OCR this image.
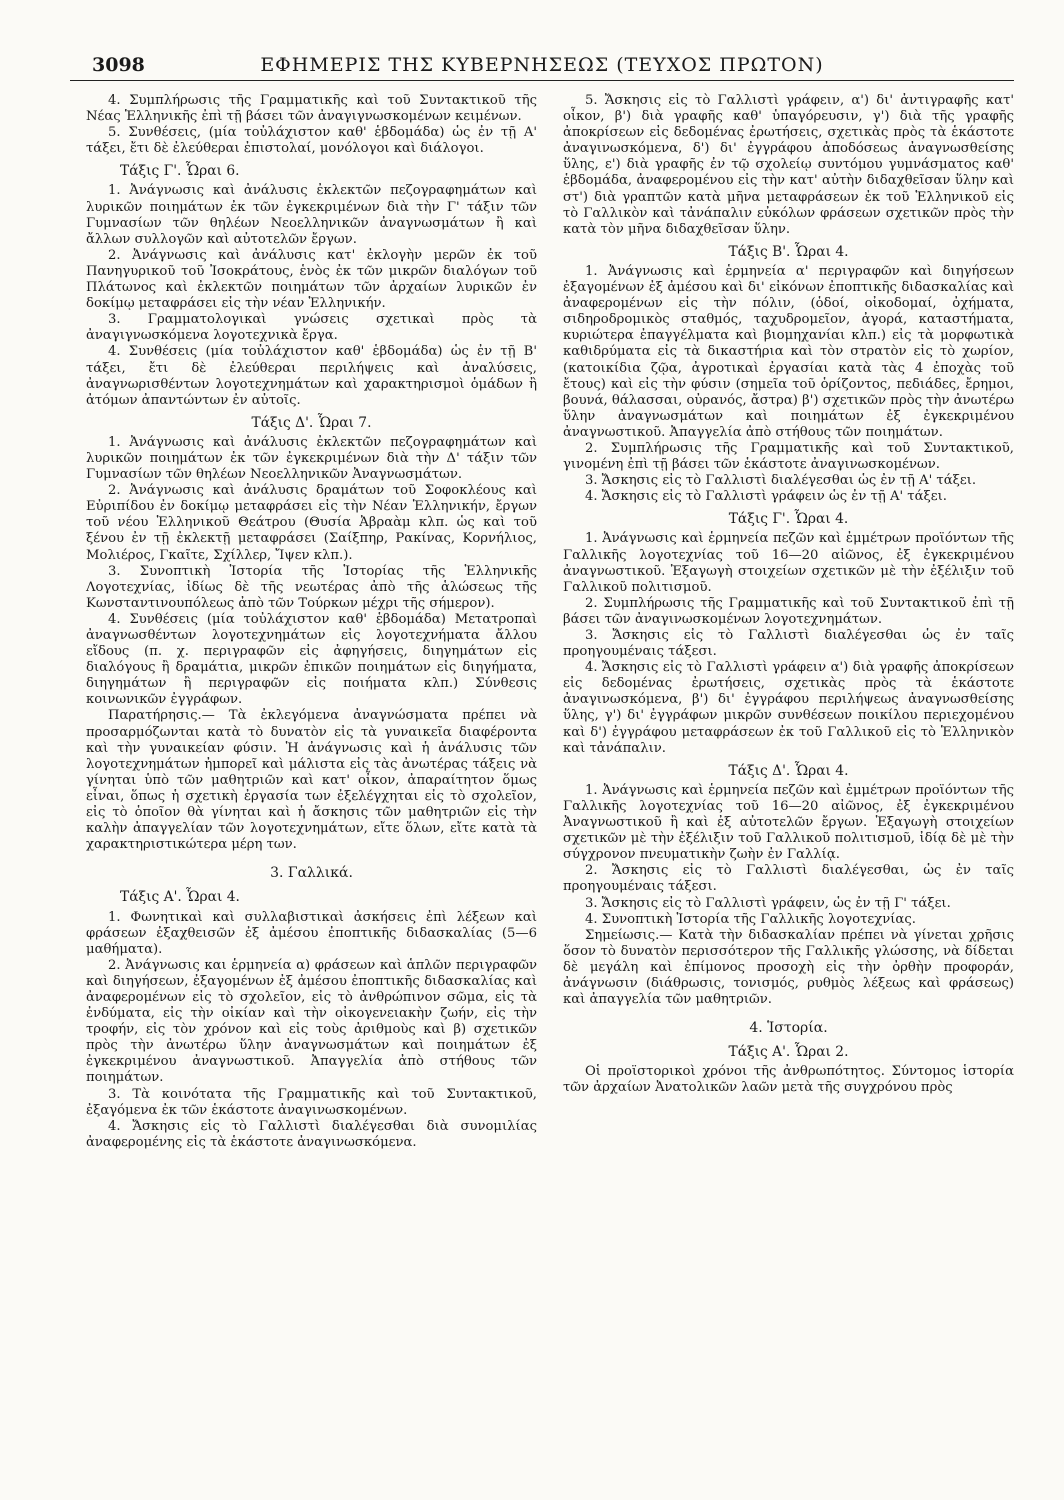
3098	ΕΦΗΜΕΡΙΣ ΤΗΣ ΚΥΒΕΡΝΗΣΕΩΣ (ΤΕΥΧΟΣ ΠΡΩΤΟΝ)

4. Συμπλήρωσις τῆς Γραμματικῆς καὶ τοῦ Συντακτικοῦ τῆς Νέας Ἑλληνικῆς ἐπὶ τῇ βάσει τῶν ἀναγιγνωσκομένων κειμένων.

5. Συνθέσεις, (μία τοὐλάχιστον καθ' ἑβδομάδα) ὡς ἐν τῇ Α' τάξει, ἔτι δὲ ἐλεύθεραι ἐπιστολαί, μονόλογοι καὶ διάλογοι.

Τάξις Γ'. Ὧραι 6.

1. Ἀνάγνωσις καὶ ἀνάλυσις ἐκλεκτῶν πεζογραφημάτων καὶ λυρικῶν ποιημάτων ἐκ τῶν ἐγκεκριμένων διὰ τὴν Γ' τάξιν τῶν Γυμνασίων τῶν θηλέων Νεοελληνικῶν ἀναγνωσμάτων ἢ καὶ ἄλλων συλλογῶν καὶ αὐτοτελῶν ἔργων.

2. Ἀνάγνωσις καὶ ἀνάλυσις κατ' ἐκλογὴν μερῶν ἐκ τοῦ Πανηγυρικοῦ τοῦ Ἰσοκράτους, ἑνὸς ἐκ τῶν μικρῶν διαλόγων τοῦ Πλάτωνος καὶ ἐκλεκτῶν ποιημάτων τῶν ἀρχαίων λυρικῶν ἐν δοκίμῳ μεταφράσει εἰς τὴν νέαν Ἑλληνικήν.

3. Γραμματολογικαὶ γνώσεις σχετικαὶ πρὸς τὰ ἀναγιγνωσκόμενα λογοτεχνικὰ ἔργα.

4. Συνθέσεις (μία τοὐλάχιστον καθ' ἑβδομάδα) ὡς ἐν τῇ Β' τάξει, ἔτι δὲ ἐλεύθεραι περιλήψεις καὶ ἀναλύσεις, ἀναγνωρισθέντων λογοτεχνημάτων καὶ χαρακτηρισμοὶ ὁμάδων ἢ ἀτόμων ἀπαντώντων ἐν αὐτοῖς.

Τάξις Δ'. Ὧραι 7.

1. Ἀνάγνωσις καὶ ἀνάλυσις ἐκλεκτῶν πεζογραφημάτων καὶ λυρικῶν ποιημάτων ἐκ τῶν ἐγκεκριμένων διὰ τὴν Δ' τάξιν τῶν Γυμνασίων τῶν θηλέων Νεοελληνικῶν Ἀναγνωσμάτων.

2. Ἀνάγνωσις καὶ ἀνάλυσις δραμάτων τοῦ Σοφοκλέους καὶ Εὐριπίδου ἐν δοκίμῳ μεταφράσει εἰς τὴν Νέαν Ἑλληνικήν, ἔργων τοῦ νέου Ἑλληνικοῦ Θεάτρου (Θυσία Ἀβραὰμ κλπ. ὡς καὶ τοῦ ξένου ἐν τῇ ἐκλεκτῇ μεταφράσει (Σαίξπηρ, Ρακίνας, Κορνήλιος, Μολιέρος, Γκαῖτε, Σχίλλερ, Ἴψεν κλπ.).

3. Συνοπτικὴ Ἱστορία τῆς Ἱστορίας τῆς Ἑλληνικῆς Λογοτεχνίας, ἰδίως δὲ τῆς νεωτέρας ἀπὸ τῆς ἁλώσεως τῆς Κωνσταντινουπόλεως ἀπὸ τῶν Τούρκων μέχρι τῆς σήμερον).

4. Συνθέσεις (μία τοὐλάχιστον καθ' ἑβδομάδα) Μετατροπαὶ ἀναγνωσθέντων λογοτεχνημάτων εἰς λογοτεχνήματα ἄλλου εἴδους (π. χ. περιγραφῶν εἰς ἀφηγήσεις, διηγημάτων εἰς διαλόγους ἢ δραμάτια, μικρῶν ἐπικῶν ποιημάτων εἰς διηγήματα, διηγημάτων ἢ περιγραφῶν εἰς ποιήματα κλπ.) Σύνθεσις κοινωνικῶν ἐγγράφων.

Παρατήρησις.— Τὰ ἐκλεγόμενα ἀναγνώσματα πρέπει νὰ προσαρμόζωνται κατὰ τὸ δυνατὸν εἰς τὰ γυναικεῖα διαφέροντα καὶ τὴν γυναικείαν φύσιν. Ἡ ἀνάγνωσις καὶ ἡ ἀνάλυσις τῶν λογοτεχνημάτων ἠμπορεῖ καὶ μάλιστα εἰς τὰς ἀνωτέρας τάξεις νὰ γίνηται ὑπὸ τῶν μαθητριῶν καὶ κατ' οἶκον, ἀπαραίτητον ὅμως εἶναι, ὅπως ἡ σχετικὴ ἐργασία των ἐξελέγχηται εἰς τὸ σχολεῖον, εἰς τὸ ὁποῖον θὰ γίνηται καὶ ἡ ἄσκησις τῶν μαθητριῶν εἰς τὴν καλὴν ἀπαγγελίαν τῶν λογοτεχνημάτων, εἴτε ὅλων, εἴτε κατὰ τὰ χαρακτηριστικώτερα μέρη των.

3. Γαλλικά.
Τάξις Α'. Ὧραι 4.

1. Φωνητικαὶ καὶ συλλαβιστικαὶ ἀσκήσεις ἐπὶ λέξεων καὶ φράσεων ἐξαχθεισῶν ἐξ ἀμέσου ἐποπτικῆς διδασκαλίας (5—6 μαθήματα).

2. Ἀνάγνωσις και ἑρμηνεία α) φράσεων καὶ ἁπλῶν περιγραφῶν καὶ διηγήσεων, ἐξαγομένων ἐξ ἀμέσου ἐποπτικῆς διδασκαλίας καὶ ἀναφερομένων εἰς τὸ σχολεῖον, εἰς τὸ ἀνθρώπινον σῶμα, εἰς τὰ ἐνδύματα, εἰς τὴν οἰκίαν καὶ τὴν οἰκογενειακὴν ζωήν, εἰς τὴν τροφήν, εἰς τὸν χρόνον καὶ εἰς τοὺς ἀριθμοὺς καὶ β) σχετικῶν πρὸς τὴν ἀνωτέρω ὕλην ἀναγνωσμάτων καὶ ποιημάτων ἐξ ἐγκεκριμένου ἀναγνωστικοῦ. Ἀπαγγελία ἀπὸ στήθους τῶν ποιημάτων.

3. Τὰ κοινότατα τῆς Γραμματικῆς καὶ τοῦ Συντακτικοῦ, ἐξαγόμενα ἐκ τῶν ἑκάστοτε ἀναγινωσκομένων.

4. Ἄσκησις εἰς τὸ Γαλλιστὶ διαλέγεσθαι διὰ συνομιλίας ἀναφερομένης εἰς τὰ ἑκάστοτε ἀναγινωσκόμενα.

5. Ἄσκησις εἰς τὸ Γαλλιστὶ γράφειν, α') δι' ἀντιγραφῆς κατ' οἶκον, β') διὰ γραφῆς καθ' ὑπαγόρευσιν, γ') διὰ τῆς γραφῆς ἀποκρίσεων εἰς δεδομένας ἐρωτήσεις, σχετικὰς πρὸς τὰ ἑκάστοτε ἀναγινωσκόμενα, δ') δι' ἐγγράφου ἀποδόσεως ἀναγνωσθείσης ὕλης, ε') διὰ γραφῆς ἐν τῷ σχολείῳ συντόμου γυμνάσματος καθ' ἑβδομάδα, ἀναφερομένου εἰς τὴν κατ' αὐτὴν διδαχθεῖσαν ὕλην καὶ στ') διὰ γραπτῶν κατὰ μῆνα μεταφράσεων ἐκ τοῦ Ἑλληνικοῦ εἰς τὸ Γαλλικὸν καὶ τἀνάπαλιν εὐκόλων φράσεων σχετικῶν πρὸς τὴν κατὰ τὸν μῆνα διδαχθεῖσαν ὕλην.

Τάξις Β'. Ὧραι 4.

1. Ἀνάγνωσις καὶ ἑρμηνεία α' περιγραφῶν καὶ διηγήσεων ἐξαγομένων ἐξ ἀμέσου καὶ δι' εἰκόνων ἐποπτικῆς διδασκαλίας καὶ ἀναφερομένων εἰς τὴν πόλιν, (ὁδοί, οἰκοδομαί, ὀχήματα, σιδηροδρομικὸς σταθμός, ταχυδρομεῖον, ἀγορά, καταστήματα, κυριώτερα ἐπαγγέλματα καὶ βιομηχανίαι κλπ.) εἰς τὰ μορφωτικὰ καθιδρύματα εἰς τὰ δικαστήρια καὶ τὸν στρατὸν εἰς τὸ χωρίον, (κατοικίδια ζῷα, ἀγροτικαὶ ἐργασίαι κατὰ τὰς 4 ἐποχὰς τοῦ ἔτους) καὶ εἰς τὴν φύσιν (σημεῖα τοῦ ὁρίζοντος, πεδιάδες, ἔρημοι, βουνά, θάλασσαι, οὐρανός, ἄστρα) β') σχετικῶν πρὸς τὴν ἀνωτέρω ὕλην ἀναγνωσμάτων καὶ ποιημάτων ἐξ ἐγκεκριμένου ἀναγνωστικοῦ. Ἀπαγγελία ἀπὸ στήθους τῶν ποιημάτων.

2. Συμπλήρωσις τῆς Γραμματικῆς καὶ τοῦ Συντακτικοῦ, γινομένη ἐπὶ τῇ βάσει τῶν ἑκάστοτε ἀναγινωσκομένων.

3. Ἄσκησις εἰς τὸ Γαλλιστὶ διαλέγεσθαι ὡς ἐν τῇ Α' τάξει.

4. Ἄσκησις εἰς τὸ Γαλλιστὶ γράφειν ὡς ἐν τῇ Α' τάξει.

Τάξις Γ'. Ὧραι 4.

1. Ἀνάγνωσις καὶ ἑρμηνεία πεζῶν καὶ ἐμμέτρων προϊόντων τῆς Γαλλικῆς λογοτεχνίας τοῦ 16—20 αἰῶνος, ἐξ ἐγκεκριμένου ἀναγνωστικοῦ. Ἐξαγωγὴ στοιχείων σχετικῶν μὲ τὴν ἐξέλιξιν τοῦ Γαλλικοῦ πολιτισμοῦ.

2. Συμπλήρωσις τῆς Γραμματικῆς καὶ τοῦ Συντακτικοῦ ἐπὶ τῇ βάσει τῶν ἀναγινωσκομένων λογοτεχνημάτων.

3. Ἄσκησις εἰς τὸ Γαλλιστὶ διαλέγεσθαι ὡς ἐν ταῖς προηγουμέναις τάξεσι.

4. Ἄσκησις εἰς τὸ Γαλλιστὶ γράφειν α') διὰ γραφῆς ἀποκρίσεων εἰς δεδομένας ἐρωτήσεις, σχετικὰς πρὸς τὰ ἑκάστοτε ἀναγινωσκόμενα, β') δι' ἐγγράφου περιλήψεως ἀναγνωσθείσης ὕλης, γ') δι' ἐγγράφων μικρῶν συνθέσεων ποικίλου περιεχομένου καὶ δ') ἐγγράφου μεταφράσεων ἐκ τοῦ Γαλλικοῦ εἰς τὸ Ἑλληνικὸν καὶ τἀνάπαλιν.

Τάξις Δ'. Ὧραι 4.

1. Ἀνάγνωσις καὶ ἑρμηνεία πεζῶν καὶ ἐμμέτρων προϊόντων τῆς Γαλλικῆς λογοτεχνίας τοῦ 16—20 αἰῶνος, ἐξ ἐγκεκριμένου Ἀναγνωστικοῦ ἢ καὶ ἐξ αὐτοτελῶν ἔργων. Ἐξαγωγὴ στοιχείων σχετικῶν μὲ τὴν ἐξέλιξιν τοῦ Γαλλικοῦ πολιτισμοῦ, ἰδίᾳ δὲ μὲ τὴν σύγχρονον πνευματικὴν ζωὴν ἐν Γαλλίᾳ.

2. Ἄσκησις εἰς τὸ Γαλλιστὶ διαλέγεσθαι, ὡς ἐν ταῖς προηγουμέναις τάξεσι.

3. Ἄσκησις εἰς τὸ Γαλλιστὶ γράφειν, ὡς ἐν τῇ Γ' τάξει.

4. Συνοπτικὴ Ἱστορία τῆς Γαλλικῆς λογοτεχνίας.

Σημείωσις.— Κατὰ τὴν διδασκαλίαν πρέπει νὰ γίνεται χρῆσις ὅσον τὸ δυνατὸν περισσότερον τῆς Γαλλικῆς γλώσσης, νὰ δίδεται δὲ μεγάλη καὶ ἐπίμονος προσοχὴ εἰς τὴν ὀρθὴν προφοράν, ἀνάγνωσιν (διάθρωσις, τονισμός, ρυθμὸς λέξεως καὶ φράσεως) καὶ ἀπαγγελία τῶν μαθητριῶν.

4. Ἱστορία.
Τάξις Α'. Ὧραι 2.

Οἱ προϊστορικοὶ χρόνοι τῆς ἀνθρωπότητος. Σύντομος ἱστορία τῶν ἀρχαίων Ἀνατολικῶν λαῶν μετὰ τῆς συγχρόνου πρὸς
